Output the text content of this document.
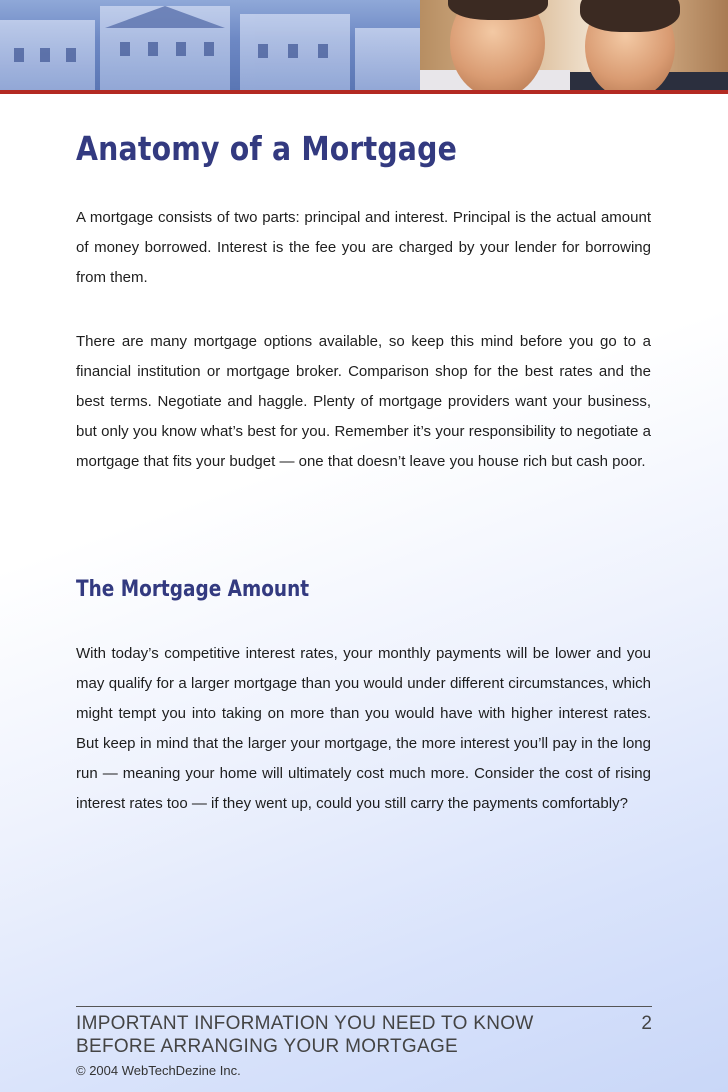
Anatomy of a Mortgage

A mortgage consists of two parts: principal and interest. Principal is the actual amount of money borrowed. Interest is the fee you are charged by your lender for borrowing from them.

There are many mortgage options available, so keep this mind before you go to a financial institution or mortgage broker. Comparison shop for the best rates and the best terms. Negotiate and haggle. Plenty of mortgage providers want your business, but only you know what’s best for you. Remember it’s your responsibility to negotiate a mortgage that fits your budget — one that doesn’t leave you house rich but cash poor.

The Mortgage Amount

With today’s competitive interest rates, your monthly payments will be lower and you may qualify for a larger mortgage than you would under different circumstances, which might tempt you into taking on more than you would have with higher interest rates. But keep in mind that the larger your mortgage, the more interest you’ll pay in the long run — meaning your home will ultimately cost much more. Consider the cost of rising interest rates too — if they went up, could you still carry the payments comfortably?

IMPORTANT INFORMATION YOU NEED TO KNOW

BEFORE ARRANGING YOUR MORTGAGE

2

© 2004 WebTechDezine Inc.
